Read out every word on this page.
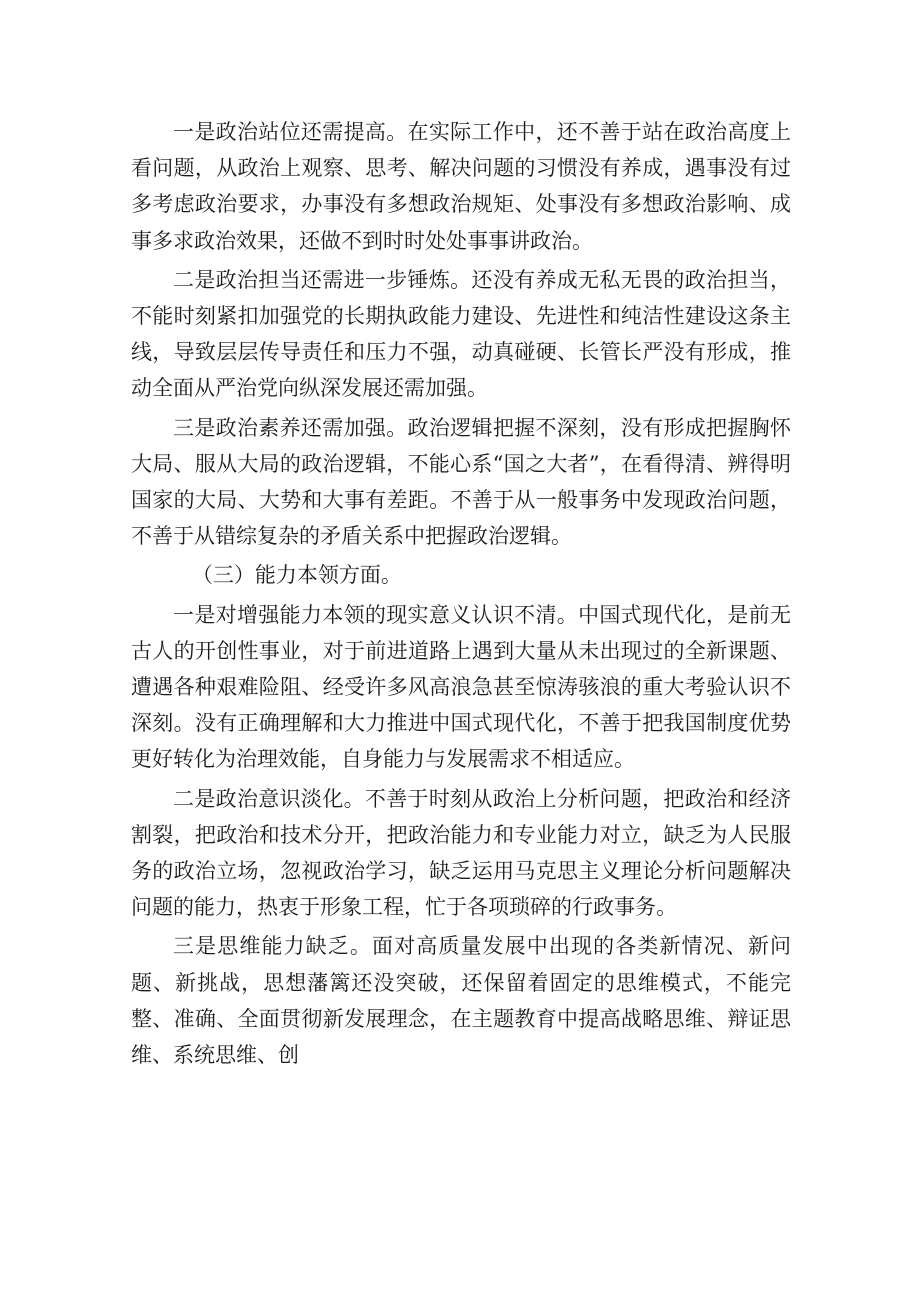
一是政治站位还需提高。在实际工作中，还不善于站在政治高度上看问题，从政治上观察、思考、解决问题的习惯没有养成，遇事没有过多考虑政治要求，办事没有多想政治规矩、处事没有多想政治影响、成事多求政治效果，还做不到时时处处事事讲政治。

二是政治担当还需进一步锤炼。还没有养成无私无畏的政治担当，不能时刻紧扣加强党的长期执政能力建设、先进性和纯洁性建设这条主线，导致层层传导责任和压力不强，动真碰硬、长管长严没有形成，推动全面从严治党向纵深发展还需加强。

三是政治素养还需加强。政治逻辑把握不深刻，没有形成把握胸怀大局、服从大局的政治逻辑，不能心系“国之大者”，在看得清、辨得明国家的大局、大势和大事有差距。不善于从一般事务中发现政治问题，不善于从错综复杂的矛盾关系中把握政治逻辑。

（三）能力本领方面。

一是对增强能力本领的现实意义认识不清。中国式现代化，是前无古人的开创性事业，对于前进道路上遇到大量从未出现过的全新课题、遭遇各种艰难险阻、经受许多风高浪急甚至惊涛骇浪的重大考验认识不深刻。没有正确理解和大力推进中国式现代化，不善于把我国制度优势更好转化为治理效能，自身能力与发展需求不相适应。

二是政治意识淡化。不善于时刻从政治上分析问题，把政治和经济割裂，把政治和技术分开，把政治能力和专业能力对立，缺乏为人民服务的政治立场，忽视政治学习，缺乏运用马克思主义理论分析问题解决问题的能力，热衷于形象工程，忙于各项琐碎的行政事务。

三是思维能力缺乏。面对高质量发展中出现的各类新情况、新问题、新挑战，思想藩篱还没突破，还保留着固定的思维模式，不能完整、准确、全面贯彻新发展理念，在主题教育中提高战略思维、辩证思维、系统思维、创
